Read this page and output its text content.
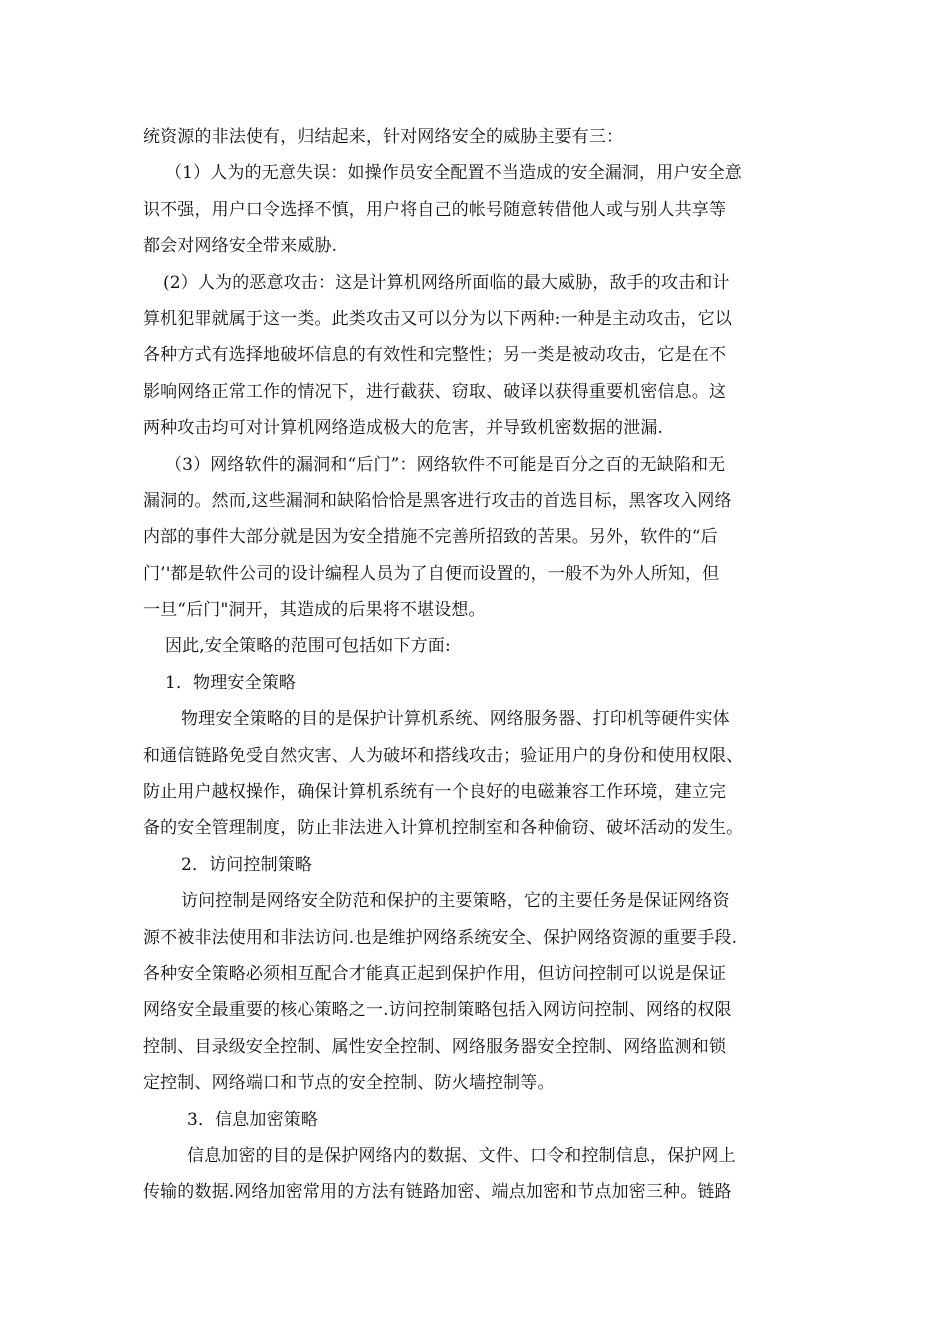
统资源的非法使有，归结起来，针对网络安全的威胁主要有三：
（1）人为的无意失误：如操作员安全配置不当造成的安全漏洞，用户安全意
识不强，用户口令选择不慎，用户将自己的帐号随意转借他人或与别人共享等
都会对网络安全带来威胁.
(2）人为的恶意攻击：这是计算机网络所面临的最大威胁，敌手的攻击和计
算机犯罪就属于这一类。此类攻击又可以分为以下两种:一种是主动攻击，它以
各种方式有选择地破坏信息的有效性和完整性；另一类是被动攻击，它是在不
影响网络正常工作的情况下，进行截获、窃取、破译以获得重要机密信息。这
两种攻击均可对计算机网络造成极大的危害，并导致机密数据的泄漏.
（3）网络软件的漏洞和“后门”：网络软件不可能是百分之百的无缺陷和无
漏洞的。然而,这些漏洞和缺陷恰恰是黑客进行攻击的首选目标，黑客攻入网络
内部的事件大部分就是因为安全措施不完善所招致的苦果。另外，软件的“后
门’'都是软件公司的设计编程人员为了自便而设置的，一般不为外人所知，但
一旦“后门"洞开，其造成的后果将不堪设想。
因此,安全策略的范围可包括如下方面:
1．物理安全策略
物理安全策略的目的是保护计算机系统、网络服务器、打印机等硬件实体
和通信链路免受自然灾害、人为破坏和搭线攻击；验证用户的身份和使用权限、
防止用户越权操作，确保计算机系统有一个良好的电磁兼容工作环境，建立完
备的安全管理制度，防止非法进入计算机控制室和各种偷窃、破坏活动的发生。
2．访问控制策略
访问控制是网络安全防范和保护的主要策略，它的主要任务是保证网络资
源不被非法使用和非法访问.也是维护网络系统安全、保护网络资源的重要手段.
各种安全策略必须相互配合才能真正起到保护作用，但访问控制可以说是保证
网络安全最重要的核心策略之一.访问控制策略包括入网访问控制、网络的权限
控制、目录级安全控制、属性安全控制、网络服务器安全控制、网络监测和锁
定控制、网络端口和节点的安全控制、防火墙控制等。
3．信息加密策略
信息加密的目的是保护网络内的数据、文件、口令和控制信息，保护网上
传输的数据.网络加密常用的方法有链路加密、端点加密和节点加密三种。链路
